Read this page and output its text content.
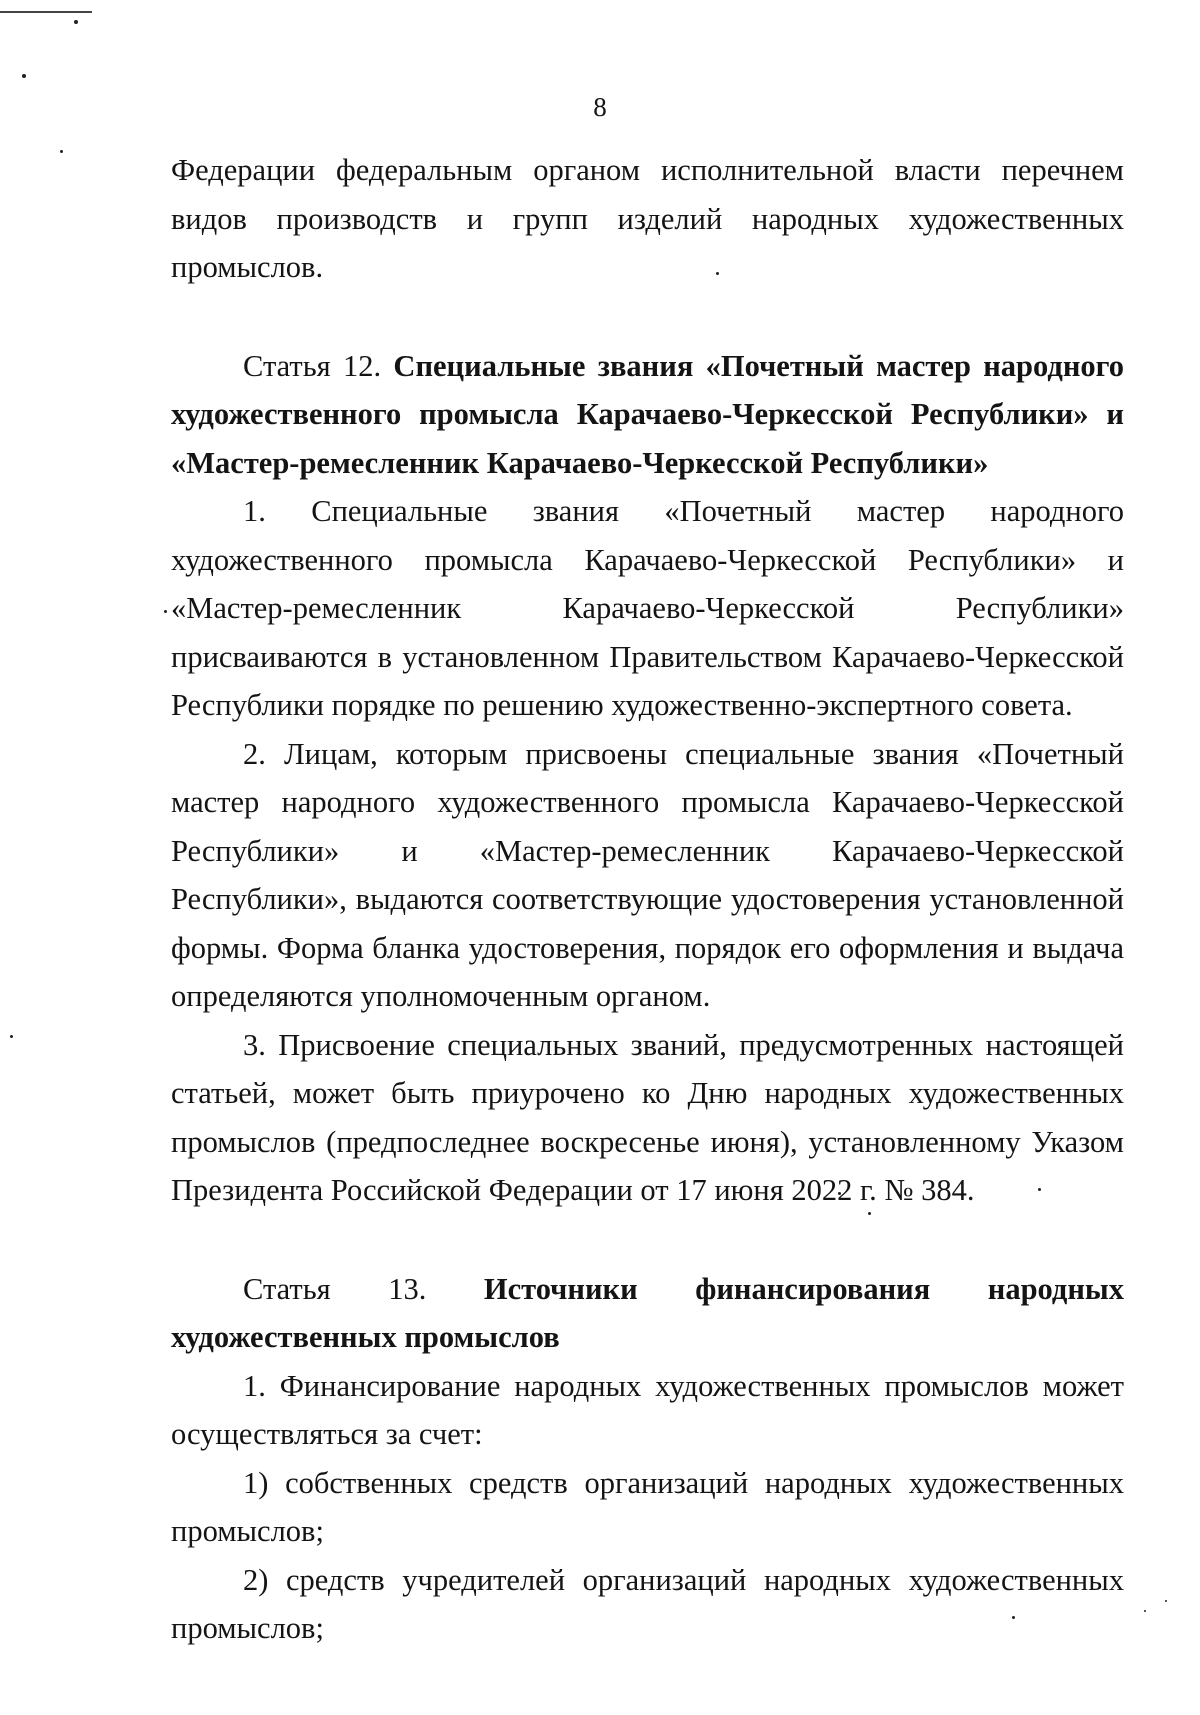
8

Федерации федеральным органом исполнительной власти перечнем видов производств и групп изделий народных художественных промыслов.

Статья 12. Специальные звания «Почетный мастер народного художественного промысла Карачаево-Черкесской Республики» и «Мастер-ремесленник Карачаево-Черкесской Республики»

1. Специальные звания «Почетный мастер народного художественного промысла Карачаево-Черкесской Республики» и «Мастер-ремесленник Карачаево-Черкесской Республики» присваиваются в установленном Правительством Карачаево-Черкесской Республики порядке по решению художественно-экспертного совета.

2. Лицам, которым присвоены специальные звания «Почетный мастер народного художественного промысла Карачаево-Черкесской Республики» и «Мастер-ремесленник Карачаево-Черкесской Республики», выдаются соответствующие удостоверения установленной формы. Форма бланка удостоверения, порядок его оформления и выдача определяются уполномоченным органом.

3. Присвоение специальных званий, предусмотренных настоящей статьей, может быть приурочено ко Дню народных художественных промыслов (предпоследнее воскресенье июня), установленному Указом Президента Российской Федерации от 17 июня 2022 г. № 384.

Статья 13. Источники финансирования народных художественных промыслов

1. Финансирование народных художественных промыслов может осуществляться за счет:

1) собственных средств организаций народных художественных промыслов;

2) средств учредителей организаций народных художественных промыслов;
